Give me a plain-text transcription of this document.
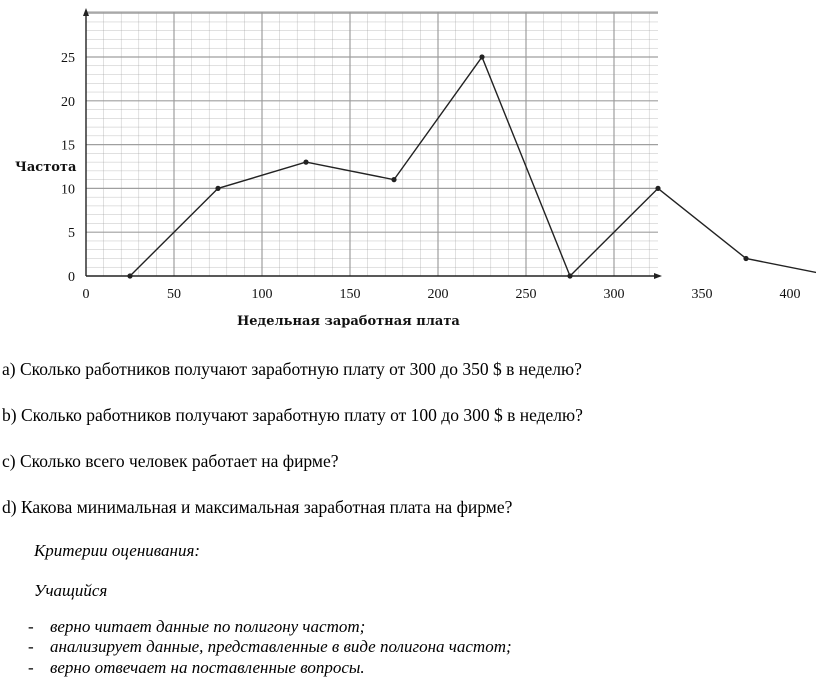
0	50	100	150	200	250	300	350	400
0
5
10
15
20
25
Частота
Недельная заработная плата
a) Сколько работников получают заработную плату от 300 до 350 $ в неделю?
b) Сколько работников получают заработную плату от 100 до 300 $ в неделю?
c) Сколько всего человек работает на фирме?
d) Какова минимальная и максимальная заработная плата на фирме?
Критерии оценивания:
Учащийся
- верно читает данные по полигону частот;
- анализирует данные, представленные в виде полигона частот;
- верно отвечает на поставленные вопросы.
